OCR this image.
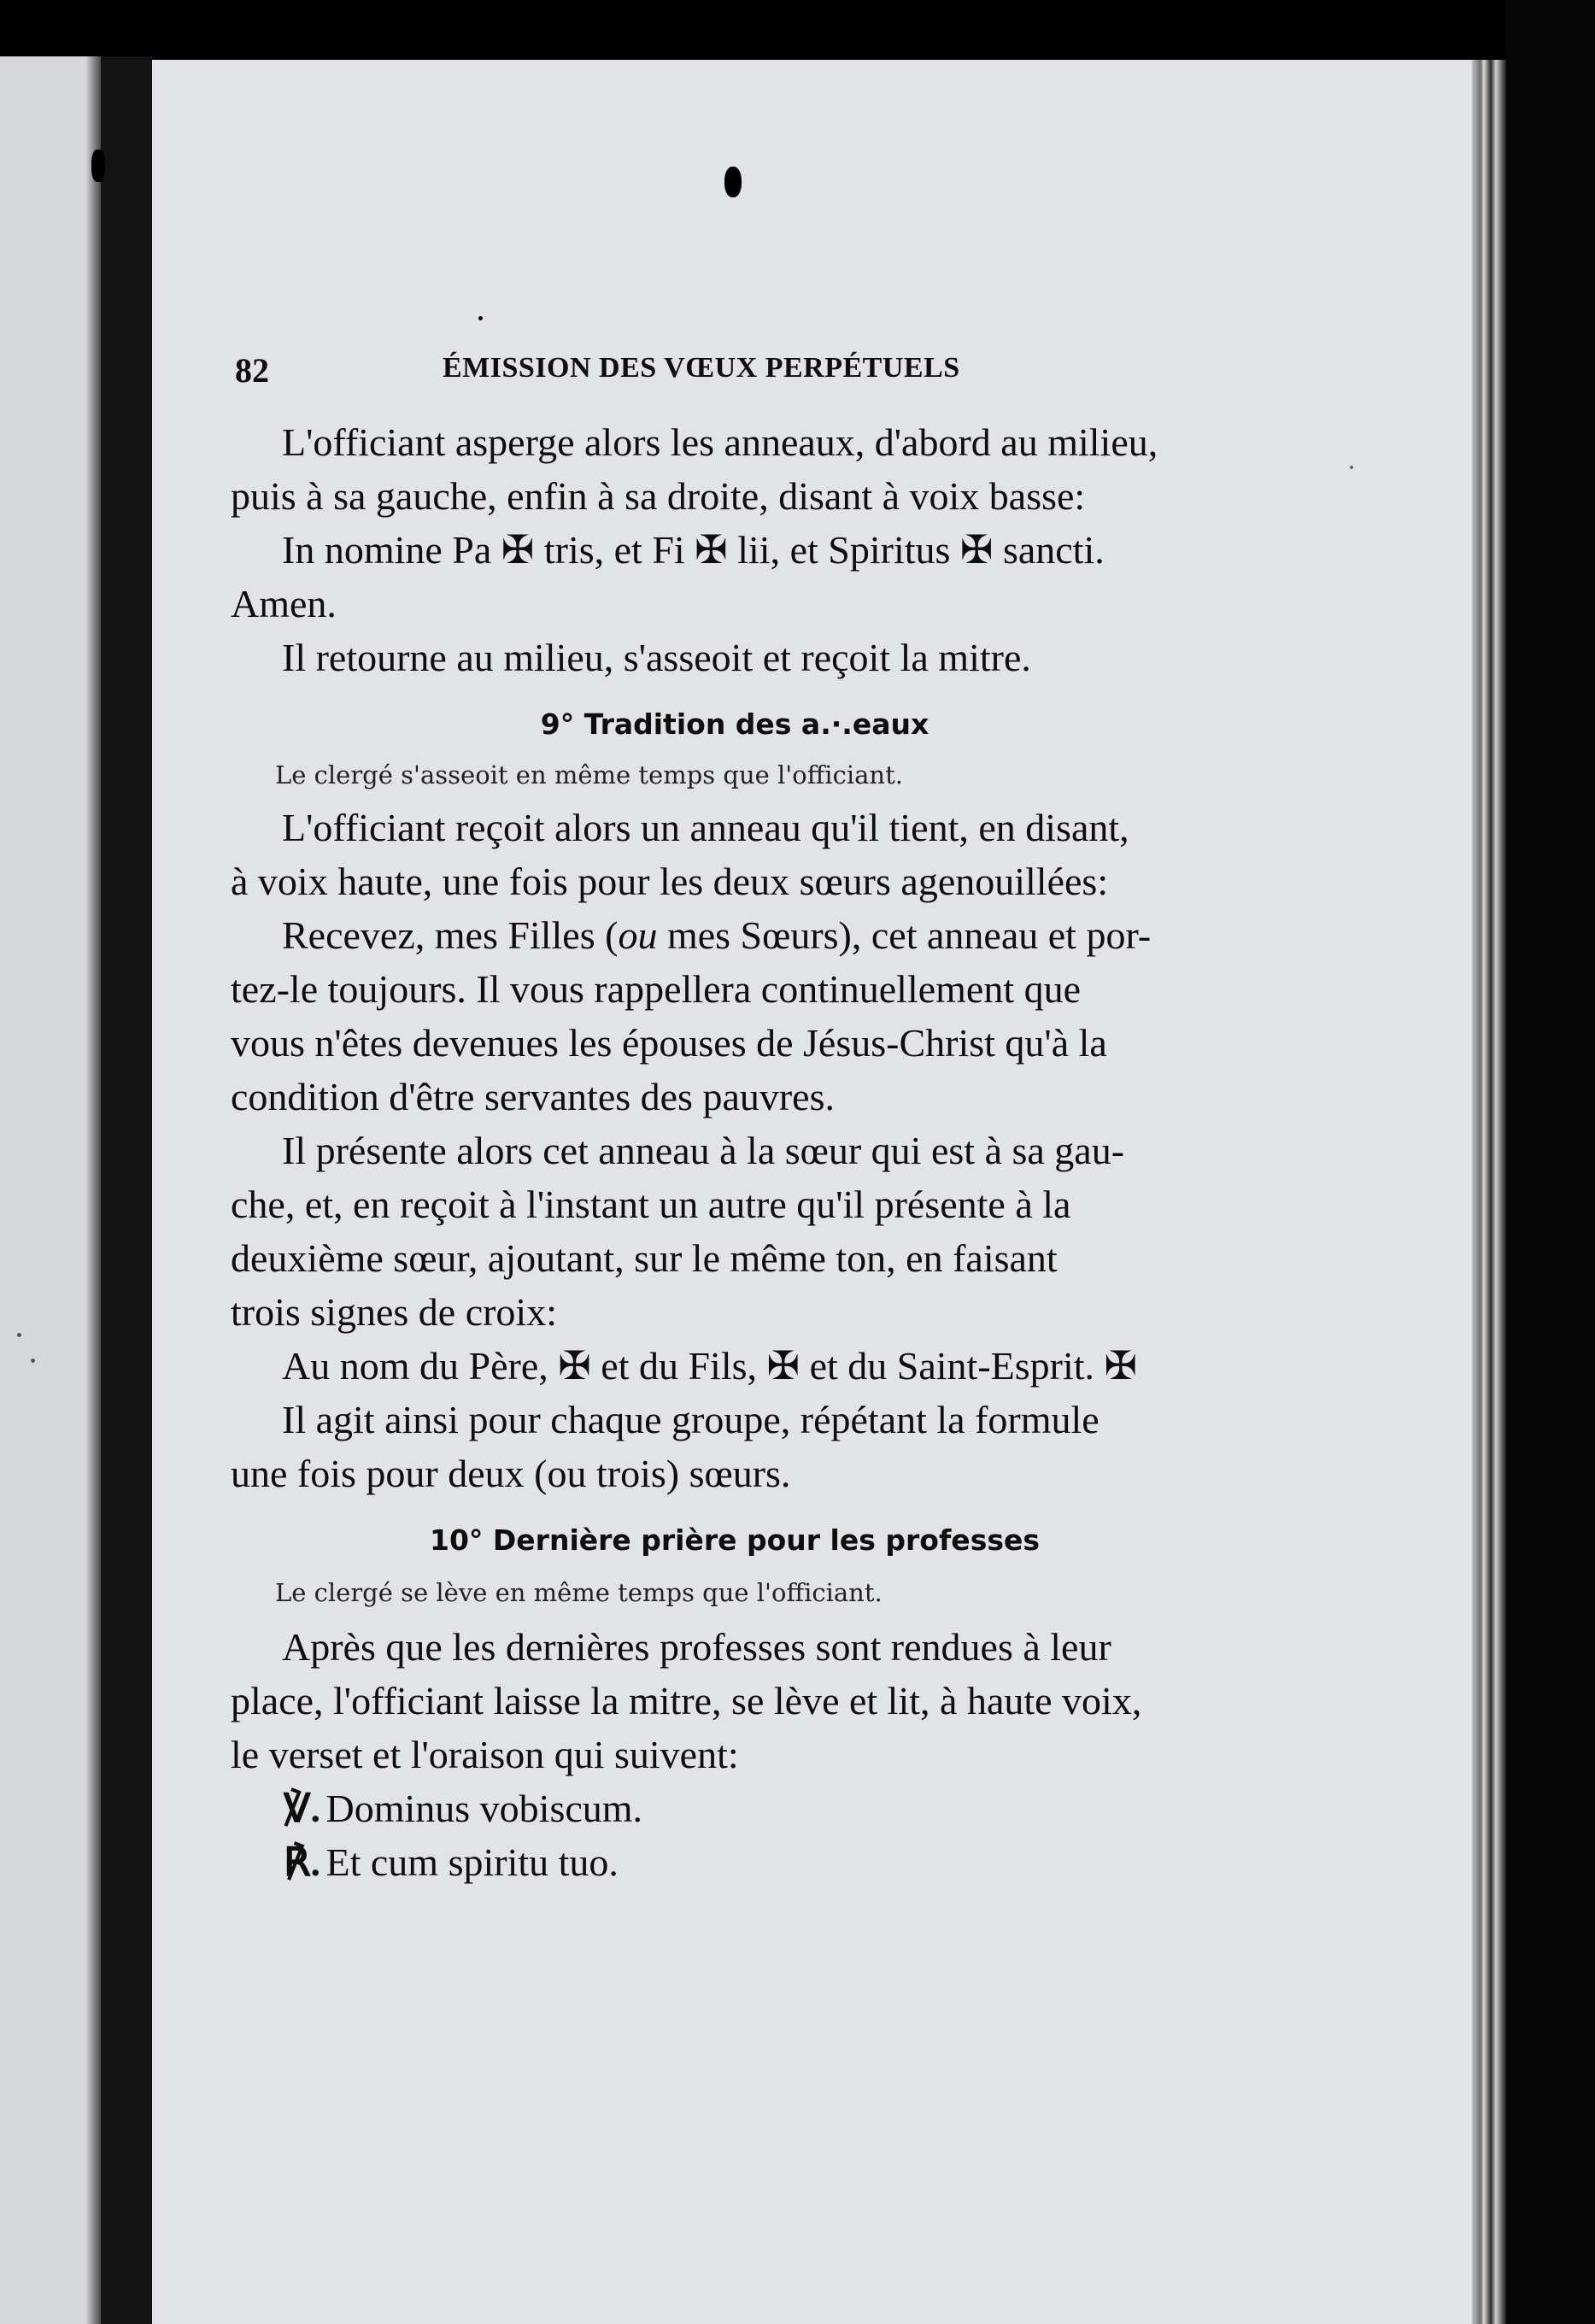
82	ÉMISSION DES VŒUX PERPÉTUELS

L'officiant asperge alors les anneaux, d'abord au milieu,
puis à sa gauche, enfin à sa droite, disant à voix basse:

In nomine Pa ✠ tris, et Fi ✠ lii, et Spiritus ✠ sancti.

Amen.

Il retourne au milieu, s'asseoit et reçoit la mitre.

9° Tradition des a.·.eaux

Le clergé s'asseoit en même temps que l'officiant.

L'officiant reçoit alors un anneau qu'il tient, en disant,
à voix haute, une fois pour les deux sœurs agenouillées:

Recevez, mes Filles (ou mes Sœurs), cet anneau et por-
tez-le toujours. Il vous rappellera continuellement que
vous n'êtes devenues les épouses de Jésus-Christ qu'à la
condition d'être servantes des pauvres.

Il présente alors cet anneau à la sœur qui est à sa gau-
che, et, en reçoit à l'instant un autre qu'il présente à la
deuxième sœur, ajoutant, sur le même ton, en faisant
trois signes de croix:

Au nom du Père, ✠ et du Fils, ✠ et du Saint-Esprit. ✠

Il agit ainsi pour chaque groupe, répétant la formule
une fois pour deux (ou trois) sœurs.

10° Dernière prière pour les professes

Le clergé se lève en même temps que l'officiant.

Après que les dernières professes sont rendues à leur
place, l'officiant laisse la mitre, se lève et lit, à haute voix,
le verset et l'oraison qui suivent:

℣. Dominus vobiscum.

℟. Et cum spiritu tuo.
